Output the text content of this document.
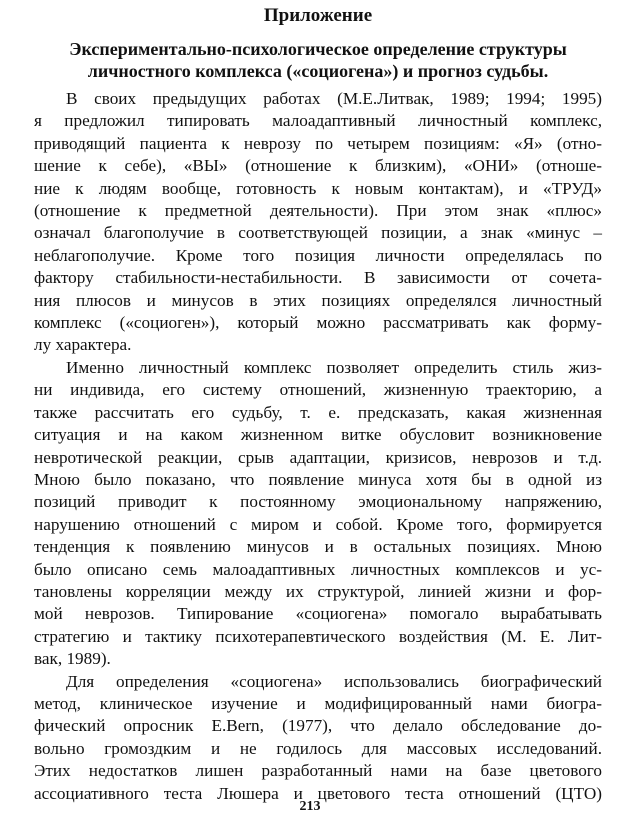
Приложение
Экспериментально-психологическое определение структуры
личностного комплекса («социогена») и прогноз судьбы.
В своих предыдущих работах (М.Е.Литвак, 1989; 1994; 1995)
я предложил типировать малоадаптивный личностный комплекс,
приводящий пациента к неврозу по четырем позициям: «Я» (отно-
шение к себе), «ВЫ» (отношение к близким), «ОНИ» (отноше-
ние к людям вообще, готовность к новым контактам), и «ТРУД»
(отношение к предметной деятельности). При этом знак «плюс»
означал благополучие в соответствующей позиции, а знак «минус –
неблагополучие. Кроме того позиция личности определялась по
фактору стабильности-нестабильности. В зависимости от сочета-
ния плюсов и минусов в этих позициях определялся личностный
комплекс («социоген»), который можно рассматривать как форму-
лу характера.
Именно личностный комплекс позволяет определить стиль жиз-
ни индивида, его систему отношений, жизненную траекторию, а
также рассчитать его судьбу, т. е. предсказать, какая жизненная
ситуация и на каком жизненном витке обусловит возникновение
невротической реакции, срыв адаптации, кризисов, неврозов и т.д.
Мною было показано, что появление минуса хотя бы в одной из
позиций приводит к постоянному эмоциональному напряжению,
нарушению отношений с миром и собой. Кроме того, формируется
тенденция к появлению минусов и в остальных позициях. Мною
было описано семь малоадаптивных личностных комплексов и ус-
тановлены корреляции между их структурой, линией жизни и фор-
мой неврозов. Типирование «социогена» помогало вырабатывать
стратегию и тактику психотерапевтического воздействия (М. Е. Лит-
вак, 1989).
Для определения «социогена» использовались биографический
метод, клиническое изучение и модифицированный нами биогра-
фический опросник E.Bern, (1977), что делало обследование до-
вольно громоздким и не годилось для массовых исследований.
Этих недостатков лишен разработанный нами на базе цветового
ассоциативного теста Люшера и цветового теста отношений (ЦТО)
213
